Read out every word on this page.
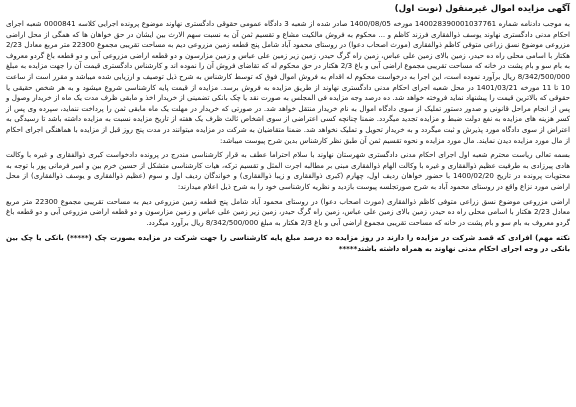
آگهی مزایده اموال غیرمنقول (نوبت اول)
به موجب دادنامه شماره 140028390001037761 مورخه 1400/08/05 صادر شده از شعبه 3 دادگاه عمومی حقوقی دادگستری نهاوند موضوع پرونده اجرایی کلاسه 0000841 شعبه اجرای احکام مدنی دادگستری نهاوند یوسف ذوالفقاری فرزند کاظم و ... محکوم به فروش مالکیت مشاع و تقسیم ثمن آن به نسبت سهم الارث بین ایشان در حق خواهان ها که همگی از محل اراضی مزروعی موضوع نسق زراعی متوفی کاظم ذوالفقاری (مورث اصحاب دعوا) در روستای محمود آباد شامل پنج قطعه زمین مزروعی دیم به مساحت تقریبی مجموع 22300 متر مربع معادل 2/23 هکتار با اسامی محلی راه ده حیدر، زمین بالای زمین علی عباس، زمین راه گرگ حیدر، زمین زیر زمین علی عباس و زمین مزارسون و دو قطعه اراضی مزروعی آبی و دو قطعه باغ گردو معروف به بام سو و بام پشت در خانه که مساحت تقریبی مجموع اراضی آبی و باغ 2/3 هکتار در حق محکوم له که تقاضای فروش آن را نموده اند و کارشناس دادگستری قیمت آن را جهت مزایده به مبلغ 8/342/500/000 ریال برآورد نموده است، این اجرا به درخواست محکوم له اقدام به فروش اموال فوق که توسط کارشناس به شرح ذیل توصیف و ارزیابی شده میباشد و مقرر است از ساعت 10 تا 11 مورخه 1401/03/21 در محل شعبه اجرای احکام مدنی دادگستری نهاوند از طریق مزایده به فروش برسد. مزایده از قیمت پایه کارشناسی شروع میشود و به هر شخص حقیقی یا حقوقی که بالاترین قیمت را پیشنهاد نماید فروخته خواهد شد. ده درصد وجه مزایده فی المجلس به صورت نقد یا چک بانکی تضمینی از خریدار اخذ و مابقی ظرف مدت یک ماه از خریدار وصول و پس از انجام مراحل قانونی و صدور دستور تملیک از سوی دادگاه اموال به نام خریدار منتقل خواهد شد. در صورتی که خریدار در مهلت یک ماه مابقی ثمن را پرداخت ننماید، سپرده وی پس از کسر هزینه های مزایده به نفع دولت ضبط و مزایده تجدید میگردد. ضمنا چنانچه کسی اعتراضی از سوی اشخاص ثالث ظرف یک هفته از تاریخ مزایده نسبت به مزایده داشته باشد تا رسیدگی به اعتراض از سوی دادگاه مورد پذیرش و ثبت میگردد و به خریدار تحویل و تملیک نخواهد شد. ضمنا متقاضیان به شرکت در مزایده میتوانند در مدت پنج روز قبل از مزایده با هماهنگی اجرای احکام از مال مورد مزایده دیدن نمایند. مال مورد مزایده و نحوه تقسیم ثمن آن طبق نظر کارشناس بدین شرح پیوست میباشد:
بسمه تعالی ریاست محترم شعبه اول اجرای احکام مدنی دادگستری شهرستان نهاوند با سلام احتراما عطف به قرار کارشناسی مندرج در پرونده دادخواست کبری ذوالفقاری و غیره با وکالت هادی پیرزادی به طرفیت عظیم ذوالفقاری و غیره با وکالت الهام ذوالفقاری مبنی بر مطالبه اجرت المثل و تقسیم ترکه، هیات کارشناسی متشکل از حسین خرم بین و امیر فرمانی پور با توجه به محتویات پرونده در تاریخ 1400/02/20 با حضور خواهان ردیف اول، چهارم (کبری ذوالفقاری و زیبا ذوالفقاری) و خواندگان ردیف اول و سوم (عظیم ذوالفقاری و یوسف ذوالفقاری) از محل اراضی مورد نزاع واقع در روستای محمود آباد به شرح صورتجلسه پیوست بازدید و نظریه کارشناسی خود را به شرح ذیل اعلام میدارند:
اراضی مزروعی موضوع نسق زراعی متوفی کاظم ذوالفقاری (مورث اصحاب دعوا) در روستای محمود آباد شامل پنج قطعه زمین مزروعی دیم به مساحت تقریبی مجموع 22300 متر مربع معادل 2/23 هکتار با اسامی محلی راه ده حیدر، زمین بالای زمین علی عباس، زمین راه گرگ حیدر، زمین زیر زمین علی عباس و زمین مزارسون و دو قطعه اراضی مزروعی آبی و دو قطعه باغ گردو معروف به بام سو و بام پشت در خانه که مساحت تقریبی مجموع اراضی آبی و باغ 2/3 هکتار به مبلغ 8/342/500/000 ریال برآورد میگردد.
نکته مهم) افرادی که قصد شرکت در مزایده را دارند در روز مزایده ده درصد مبلغ پایه کارشناسی را جهت شرکت در مزایده بصورت چک (*****) بانکی یا چک بین بانکی در وجه اجرای احکام مدنی نهاوند به همراه داشته باشند*****
